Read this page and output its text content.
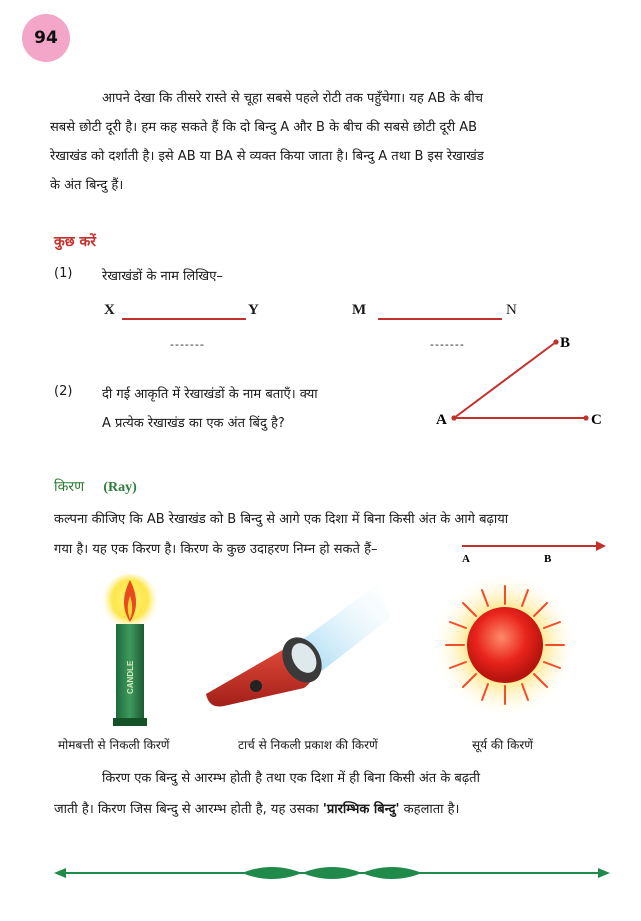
94
आपने देखा कि तीसरे रास्ते से चूहा सबसे पहले रोटी तक पहुँचेगा। यह AB के बीच
सबसे छोटी दूरी है। हम कह सकते हैं कि दो बिन्दु A और B के बीच की सबसे छोटी दूरी AB
रेखाखंड को दर्शाती है। इसे AB या BA से व्यक्त किया जाता है। बिन्दु A तथा B इस रेखाखंड
के अंत बिन्दु हैं।
कुछ करें
(1) रेखाखंडों के नाम लिखिए–
X	Y
-------
M	N
-------
(2) दी गई आकृति में रेखाखंडों के नाम बताएँ। क्या
A प्रत्येक रेखाखंड का एक अंत बिंदु है?	A
B
C
किरण (Ray)
कल्पना कीजिए कि AB रेखाखंड को B बिन्दु से आगे एक दिशा में बिना किसी अंत के आगे बढ़ाया
गया है। यह एक किरण है। किरण के कुछ उदाहरण निम्न हो सकते हैं–
A	B
CANDLE
मोमबत्ती से निकली किरणें	टार्च से निकली प्रकाश की किरणें	सूर्य की किरणें
किरण एक बिन्दु से आरम्भ होती है तथा एक दिशा में ही बिना किसी अंत के बढ़ती
जाती है। किरण जिस बिन्दु से आरम्भ होती है, यह उसका 'प्रारम्भिक बिन्दु' कहलाता है।
